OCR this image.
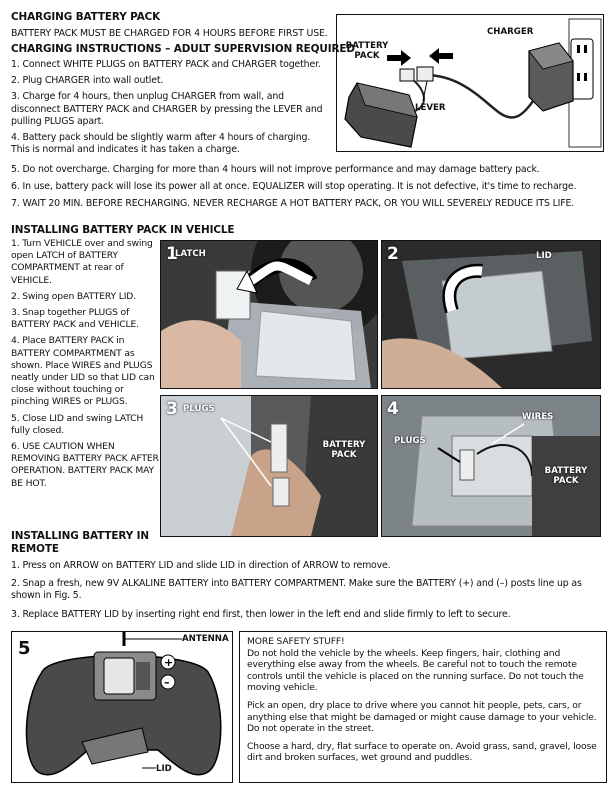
CHARGING BATTERY PACK
BATTERY PACK MUST BE CHARGED FOR 4 HOURS BEFORE FIRST USE.
CHARGING INSTRUCTIONS – ADULT SUPERVISION REQUIRED

1. Connect WHITE PLUGS on BATTERY PACK and CHARGER together.

2. Plug CHARGER into wall outlet.

3. Charge for 4 hours, then unplug CHARGER from wall, and disconnect BATTERY PACK and CHARGER by pressing the LEVER and pulling PLUGS apart.

4. Battery pack should be slightly warm after 4 hours of charging. This is normal and indicates it has taken a charge.

5. Do not overcharge. Charging for more than 4 hours will not improve performance and may damage battery pack.

6. In use, battery pack will lose its power all at once. EQUALIZER will stop operating. It is not defective, it's time to recharge.

7. WAIT 20 MIN. BEFORE RECHARGING. NEVER RECHARGE A HOT BATTERY PACK, OR YOU WILL SEVERELY REDUCE ITS LIFE.

BATTERY PACK
CHARGER
LEVER
INSTALLING BATTERY PACK IN VEHICLE

1. Turn VEHICLE over and swing open LATCH of BATTERY COMPARTMENT at rear of VEHICLE.

2. Swing open BATTERY LID.

3. Snap together PLUGS of BATTERY PACK and VEHICLE.

4. Place BATTERY PACK in BATTERY COMPARTMENT as shown. Place WIRES and PLUGS neatly under LID so that LID can close without touching or pinching WIRES or PLUGS.

5. Close LID and swing LATCH fully closed.

6. USE CAUTION WHEN REMOVING BATTERY PACK AFTER OPERATION. BATTERY PACK MAY BE HOT.

1
LATCH	2	LID
3 PLUGS
BATTERY PACK
4	WIRES
PLUGS
BATTERY PACK
INSTALLING BATTERY IN REMOTE

1. Press on ARROW on BATTERY LID and slide LID in direction of ARROW to remove.

2. Snap a fresh, new 9V ALKALINE BATTERY into BATTERY COMPARTMENT. Make sure the BATTERY (+) and (–) posts line up as shown in Fig. 5.

3. Replace BATTERY LID by inserting right end first, then lower in the left end and slide firmly to left to secure.

+
–
5	ANTENNA
LID

MORE SAFETY STUFF!

Do not hold the vehicle by the wheels. Keep fingers, hair, clothing and everything else away from the wheels. Be careful not to touch the remote controls until the vehicle is placed on the running surface. Do not touch the moving vehicle.

Pick an open, dry place to drive where you cannot hit people, pets, cars, or anything else that might be damaged or might cause damage to your vehicle. Do not operate in the street.

Choose a hard, dry, flat surface to operate on. Avoid grass, sand, gravel, loose dirt and broken surfaces, wet ground and puddles.
